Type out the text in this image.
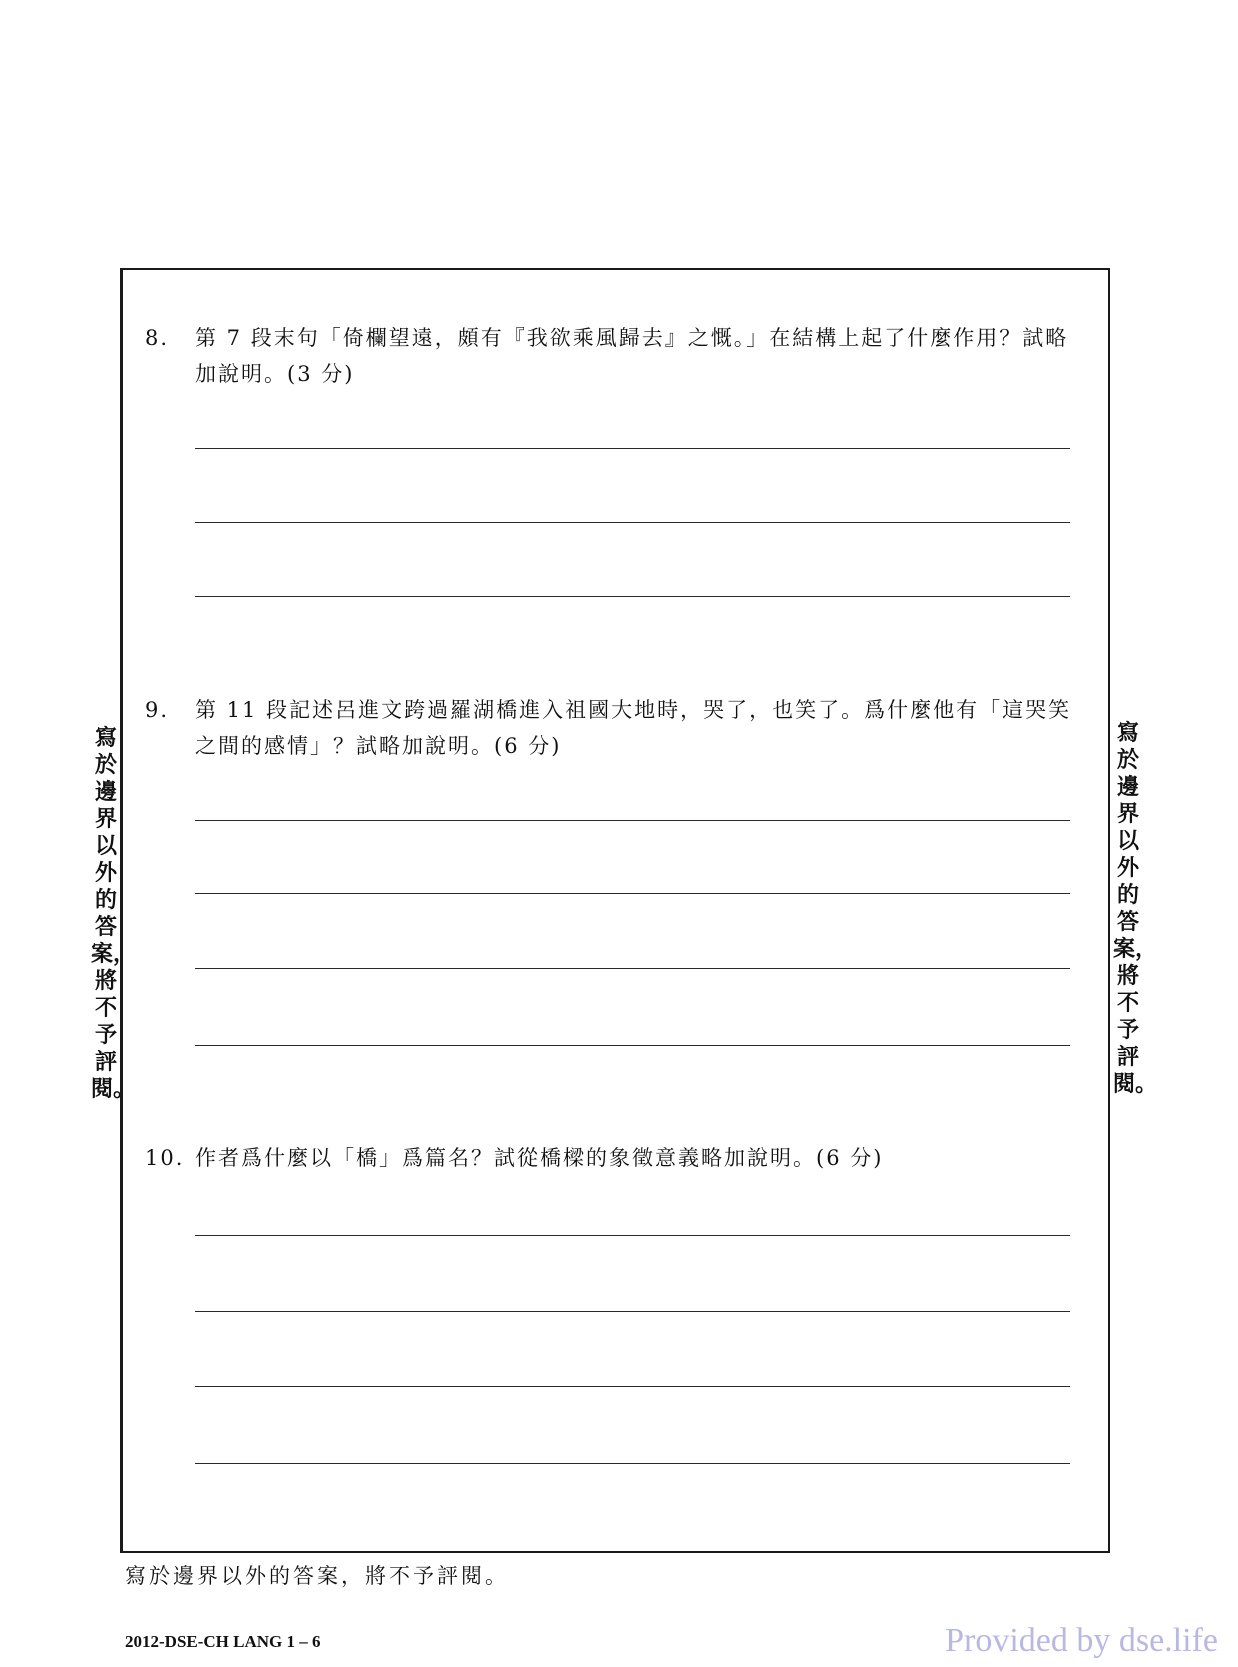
寫於邊界以外的答案，將不予評閱。
寫於邊界以外的答案，將不予評閱。
8. 第 7 段末句「倚欄望遠，頗有『我欲乘風歸去』之慨。」在結構上起了什麼作用？試略加說明。(3 分)
9. 第 11 段記述呂進文跨過羅湖橋進入祖國大地時，哭了，也笑了。爲什麼他有「這哭笑之間的感情」？試略加說明。(6 分)
10. 作者爲什麼以「橋」爲篇名？試從橋樑的象徵意義略加說明。(6 分)
寫於邊界以外的答案，將不予評閱。
2012-DSE-CH LANG 1 – 6	Provided by dse.life
